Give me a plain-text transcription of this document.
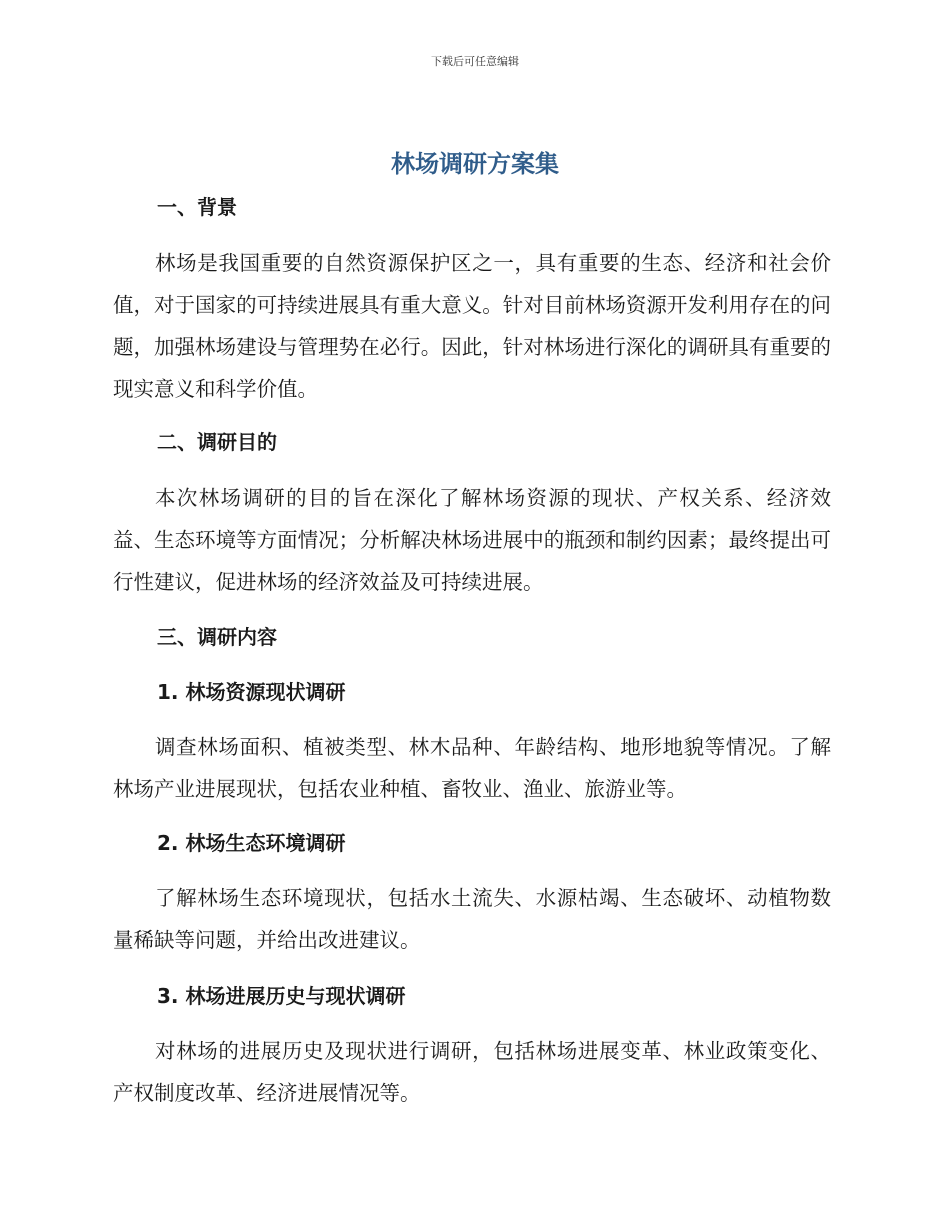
下载后可任意编辑
林场调研方案集
一、背景
林场是我国重要的自然资源保护区之一，具有重要的生态、经济和社会价值，对于国家的可持续进展具有重大意义。针对目前林场资源开发利用存在的问题，加强林场建设与管理势在必行。因此，针对林场进行深化的调研具有重要的现实意义和科学价值。
二、调研目的
本次林场调研的目的旨在深化了解林场资源的现状、产权关系、经济效益、生态环境等方面情况；分析解决林场进展中的瓶颈和制约因素；最终提出可行性建议，促进林场的经济效益及可持续进展。
三、调研内容
1. 林场资源现状调研
调查林场面积、植被类型、林木品种、年龄结构、地形地貌等情况。了解林场产业进展现状，包括农业种植、畜牧业、渔业、旅游业等。
2. 林场生态环境调研
了解林场生态环境现状，包括水土流失、水源枯竭、生态破坏、动植物数量稀缺等问题，并给出改进建议。
3. 林场进展历史与现状调研
对林场的进展历史及现状进行调研，包括林场进展变革、林业政策变化、产权制度改革、经济进展情况等。
